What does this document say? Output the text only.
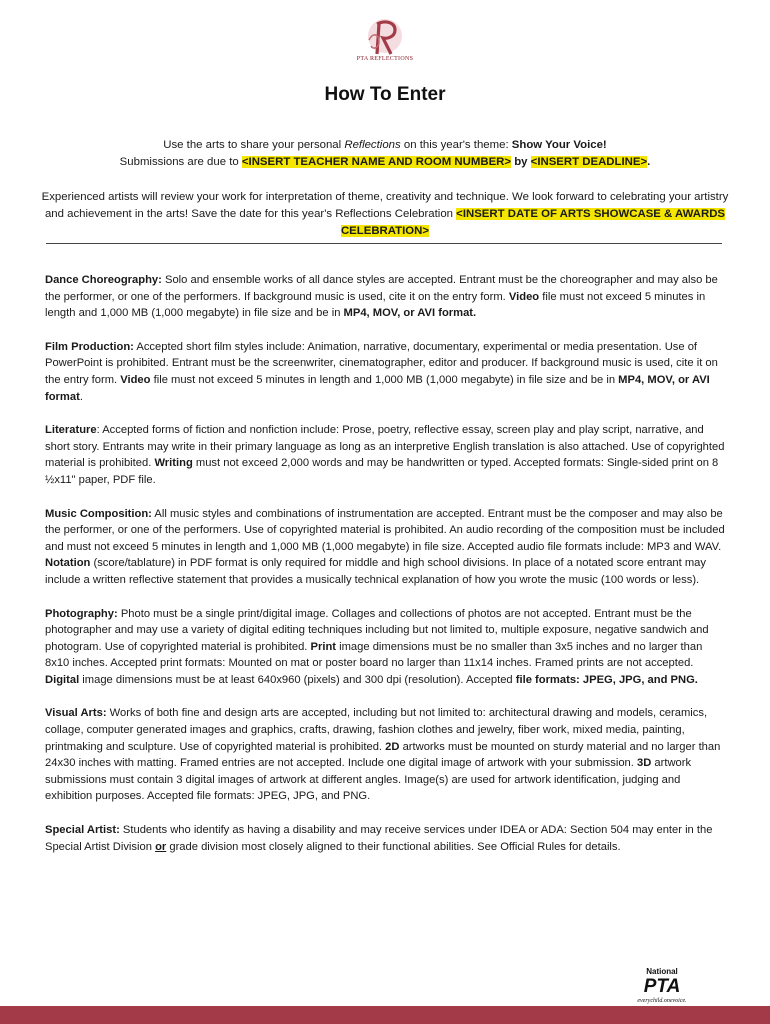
PTA REFLECTIONS
How To Enter
Use the arts to share your personal Reflections on this year's theme: Show Your Voice!
Submissions are due to <INSERT TEACHER NAME AND ROOM NUMBER> by <INSERT DEADLINE>.
Experienced artists will review your work for interpretation of theme, creativity and technique. We look forward to celebrating your artistry and achievement in the arts! Save the date for this year's Reflections Celebration <INSERT DATE OF ARTS SHOWCASE & AWARDS CELEBRATION>

Dance Choreography: Solo and ensemble works of all dance styles are accepted. Entrant must be the choreographer and may also be the performer, or one of the performers. If background music is used, cite it on the entry form. Video file must not exceed 5 minutes in length and 1,000 MB (1,000 megabyte) in file size and be in MP4, MOV, or AVI format.

Film Production: Accepted short film styles include: Animation, narrative, documentary, experimental or media presentation. Use of PowerPoint is prohibited. Entrant must be the screenwriter, cinematographer, editor and producer. If background music is used, cite it on the entry form. Video file must not exceed 5 minutes in length and 1,000 MB (1,000 megabyte) in file size and be in MP4, MOV, or AVI format.

Literature: Accepted forms of fiction and nonfiction include: Prose, poetry, reflective essay, screen play and play script, narrative, and short story. Entrants may write in their primary language as long as an interpretive English translation is also attached. Use of copyrighted material is prohibited. Writing must not exceed 2,000 words and may be handwritten or typed. Accepted formats: Single-sided print on 8 ½x11" paper, PDF file.

Music Composition: All music styles and combinations of instrumentation are accepted. Entrant must be the composer and may also be the performer, or one of the performers. Use of copyrighted material is prohibited. An audio recording of the composition must be included and must not exceed 5 minutes in length and 1,000 MB (1,000 megabyte) in file size. Accepted audio file formats include: MP3 and WAV. Notation (score/tablature) in PDF format is only required for middle and high school divisions. In place of a notated score entrant may include a written reflective statement that provides a musically technical explanation of how you wrote the music (100 words or less).

Photography: Photo must be a single print/digital image. Collages and collections of photos are not accepted. Entrant must be the photographer and may use a variety of digital editing techniques including but not limited to, multiple exposure, negative sandwich and photogram. Use of copyrighted material is prohibited. Print image dimensions must be no smaller than 3x5 inches and no larger than 8x10 inches. Accepted print formats: Mounted on mat or poster board no larger than 11x14 inches. Framed prints are not accepted. Digital image dimensions must be at least 640x960 (pixels) and 300 dpi (resolution). Accepted file formats: JPEG, JPG, and PNG.

Visual Arts: Works of both fine and design arts are accepted, including but not limited to: architectural drawing and models, ceramics, collage, computer generated images and graphics, crafts, drawing, fashion clothes and jewelry, fiber work, mixed media, painting, printmaking and sculpture. Use of copyrighted material is prohibited. 2D artworks must be mounted on sturdy material and no larger than 24x30 inches with matting. Framed entries are not accepted. Include one digital image of artwork with your submission. 3D artwork submissions must contain 3 digital images of artwork at different angles. Image(s) are used for artwork identification, judging and exhibition purposes. Accepted file formats: JPEG, JPG, and PNG.

Special Artist: Students who identify as having a disability and may receive services under IDEA or ADA: Section 504 may enter in the Special Artist Division or grade division most closely aligned to their functional abilities. See Official Rules for details.

National
PTA
everychild.onevoice.
